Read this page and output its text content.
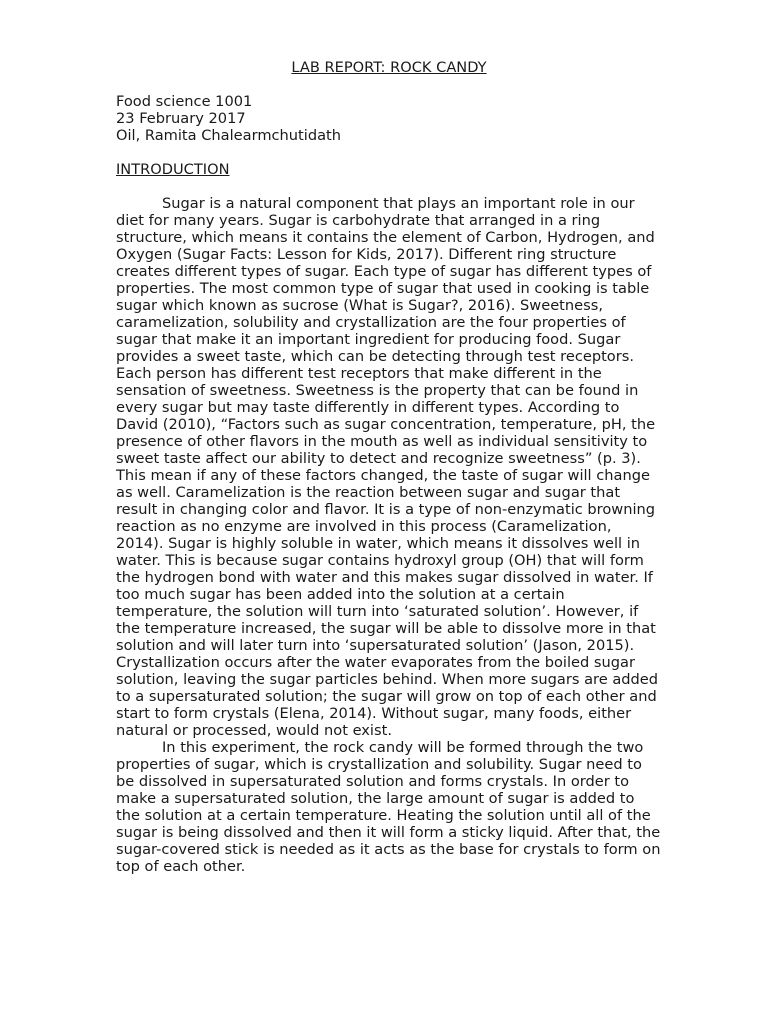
LAB REPORT: ROCK CANDY
Food science 1001
23 February 2017
Oil, Ramita Chalearmchutidath
INTRODUCTION

Sugar is a natural component that plays an important role in our diet for many years. Sugar is carbohydrate that arranged in a ring structure, which means it contains the element of Carbon, Hydrogen, and Oxygen (Sugar Facts: Lesson for Kids, 2017). Different ring structure creates different types of sugar. Each type of sugar has different types of properties. The most common type of sugar that used in cooking is table sugar which known as sucrose (What is Sugar?, 2016). Sweetness, caramelization, solubility and crystallization are the four properties of sugar that make it an important ingredient for producing food. Sugar provides a sweet taste, which can be detecting through test receptors. Each person has different test receptors that make different in the sensation of sweetness. Sweetness is the property that can be found in every sugar but may taste differently in different types. According to David (2010), “Factors such as sugar concentration, temperature, pH, the presence of other flavors in the mouth as well as individual sensitivity to sweet taste affect our ability to detect and recognize sweetness” (p. 3). This mean if any of these factors changed, the taste of sugar will change as well. Caramelization is the reaction between sugar and sugar that result in changing color and flavor. It is a type of non-enzymatic browning reaction as no enzyme are involved in this process (Caramelization, 2014). Sugar is highly soluble in water, which means it dissolves well in water. This is because sugar contains hydroxyl group (OH) that will form the hydrogen bond with water and this makes sugar dissolved in water. If too much sugar has been added into the solution at a certain temperature, the solution will turn into ‘saturated solution’. However, if the temperature increased, the sugar will be able to dissolve more in that solution and will later turn into ‘supersaturated solution’ (Jason, 2015). Crystallization occurs after the water evaporates from the boiled sugar solution, leaving the sugar particles behind. When more sugars are added to a supersaturated solution; the sugar will grow on top of each other and start to form crystals (Elena, 2014). Without sugar, many foods, either natural or processed, would not exist.

In this experiment, the rock candy will be formed through the two properties of sugar, which is crystallization and solubility. Sugar need to be dissolved in supersaturated solution and forms crystals. In order to make a supersaturated solution, the large amount of sugar is added to the solution at a certain temperature. Heating the solution until all of the sugar is being dissolved and then it will form a sticky liquid. After that, the sugar-covered stick is needed as it acts as the base for crystals to form on top of each other.
